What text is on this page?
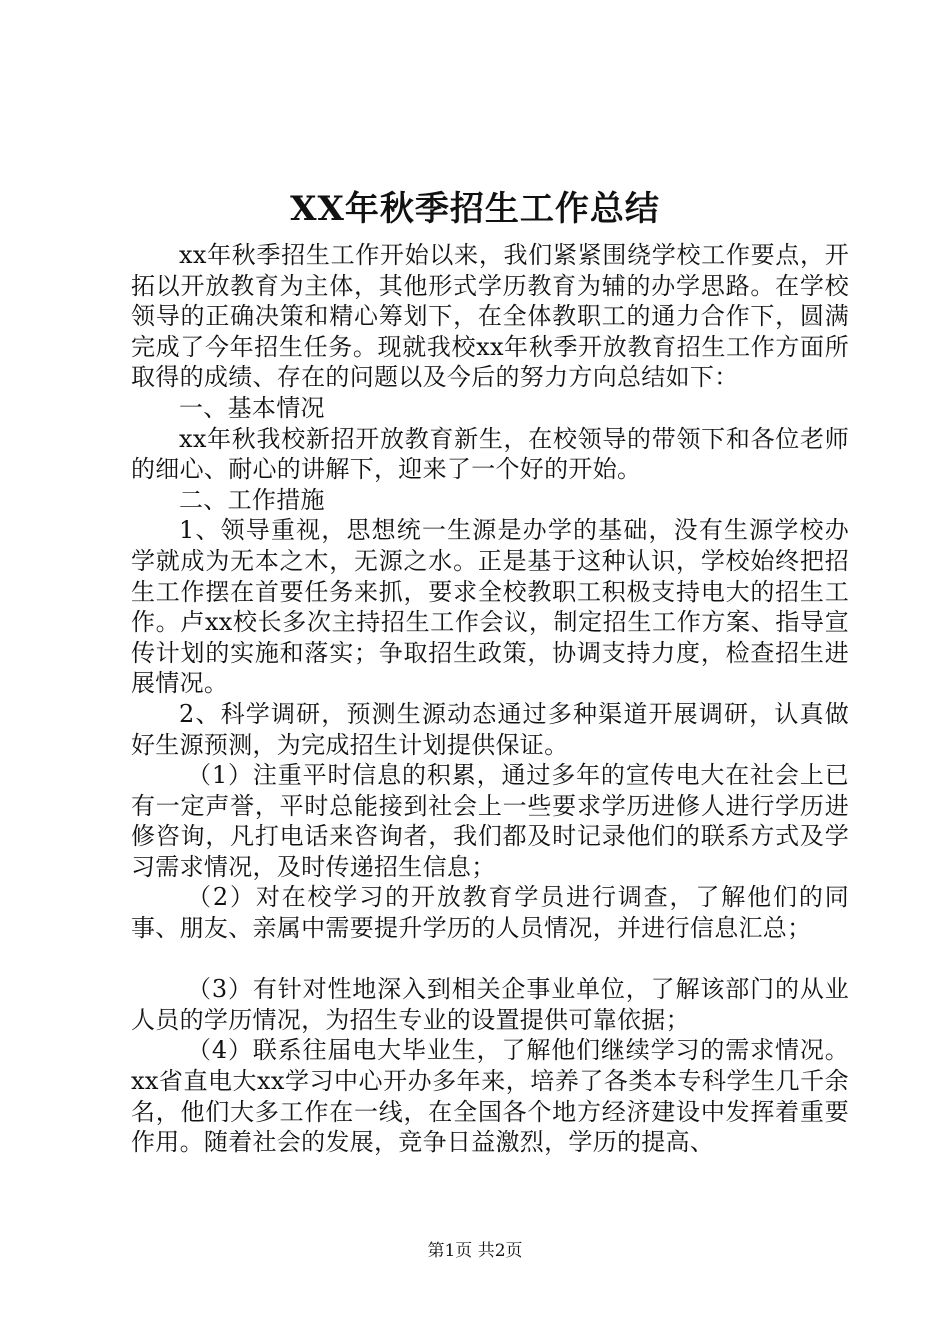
XX年秋季招生工作总结

xx年秋季招生工作开始以来，我们紧紧围绕学校工作要点，开拓以开放教育为主体，其他形式学历教育为辅的办学思路。在学校领导的正确决策和精心筹划下，在全体教职工的通力合作下，圆满完成了今年招生任务。现就我校xx年秋季开放教育招生工作方面所取得的成绩、存在的问题以及今后的努力方向总结如下：

一、基本情况

xx年秋我校新招开放教育新生，在校领导的带领下和各位老师的细心、耐心的讲解下，迎来了一个好的开始。

二、工作措施

1、领导重视，思想统一生源是办学的基础，没有生源学校办学就成为无本之木，无源之水。正是基于这种认识，学校始终把招生工作摆在首要任务来抓，要求全校教职工积极支持电大的招生工作。卢xx校长多次主持招生工作会议，制定招生工作方案、指导宣传计划的实施和落实；争取招生政策，协调支持力度，检查招生进展情况。

2、科学调研，预测生源动态通过多种渠道开展调研，认真做好生源预测，为完成招生计划提供保证。

（1）注重平时信息的积累，通过多年的宣传电大在社会上已有一定声誉，平时总能接到社会上一些要求学历进修人进行学历进修咨询，凡打电话来咨询者，我们都及时记录他们的联系方式及学习需求情况，及时传递招生信息；

（2）对在校学习的开放教育学员进行调查，了解他们的同事、朋友、亲属中需要提升学历的人员情况，并进行信息汇总；

（3）有针对性地深入到相关企事业单位，了解该部门的从业人员的学历情况，为招生专业的设置提供可靠依据；

（4）联系往届电大毕业生，了解他们继续学习的需求情况。xx省直电大xx学习中心开办多年来，培养了各类本专科学生几千余名，他们大多工作在一线，在全国各个地方经济建设中发挥着重要作用。随着社会的发展，竞争日益激烈，学历的提高、

第1页 共2页
